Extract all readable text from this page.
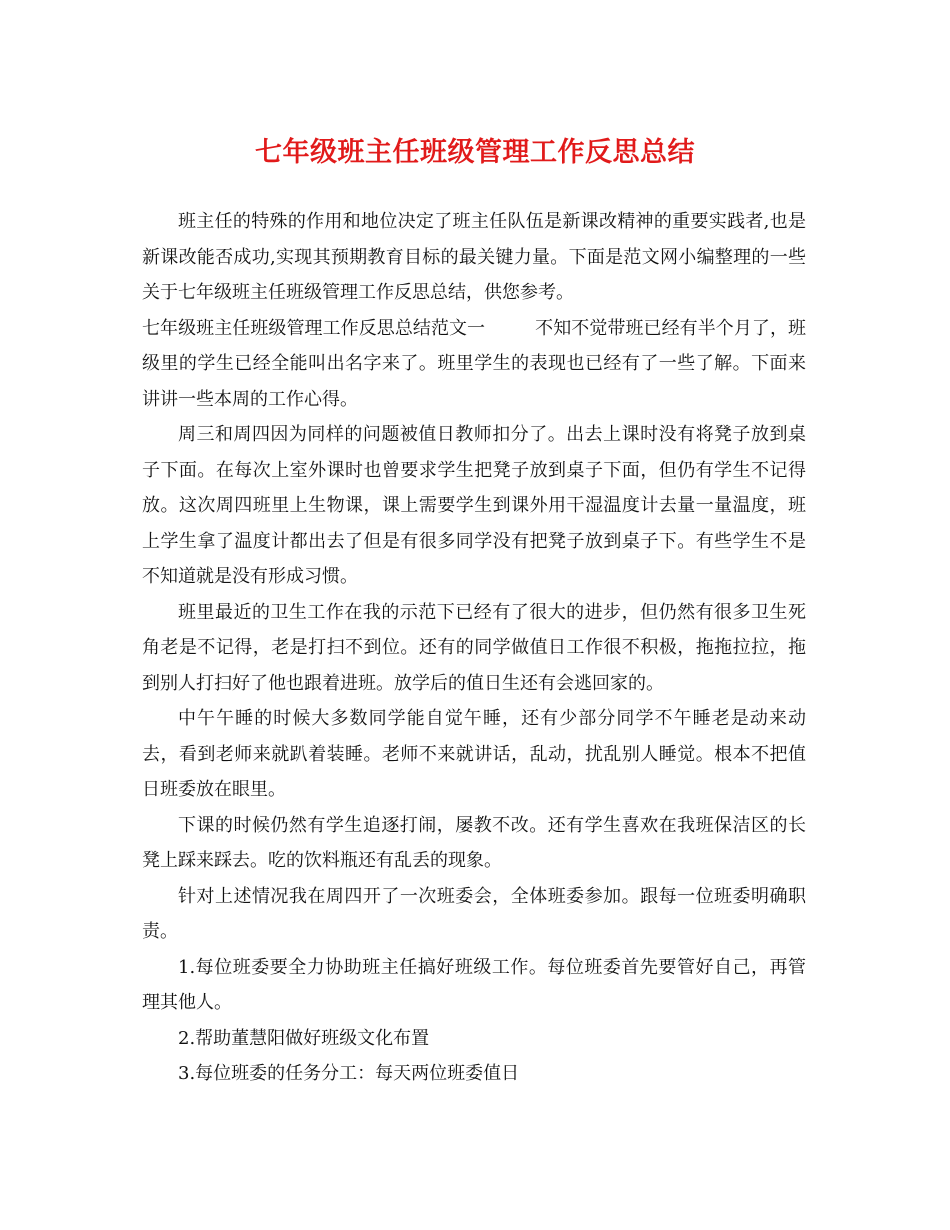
七年级班主任班级管理工作反思总结

班主任的特殊的作用和地位决定了班主任队伍是新课改精神的重要实践者,也是新课改能否成功,实现其预期教育目标的最关键力量。下面是范文网小编整理的一些关于七年级班主任班级管理工作反思总结，供您参考。

七年级班主任班级管理工作反思总结范文一	不知不觉带班已经有半个月了，班级里的学生已经全能叫出名字来了。班里学生的表现也已经有了一些了解。下面来讲讲一些本周的工作心得。

周三和周四因为同样的问题被值日教师扣分了。出去上课时没有将凳子放到桌子下面。在每次上室外课时也曾要求学生把凳子放到桌子下面，但仍有学生不记得放。这次周四班里上生物课，课上需要学生到课外用干湿温度计去量一量温度，班上学生拿了温度计都出去了但是有很多同学没有把凳子放到桌子下。有些学生不是不知道就是没有形成习惯。

班里最近的卫生工作在我的示范下已经有了很大的进步，但仍然有很多卫生死角老是不记得，老是打扫不到位。还有的同学做值日工作很不积极，拖拖拉拉，拖到别人打扫好了他也跟着进班。放学后的值日生还有会逃回家的。

中午午睡的时候大多数同学能自觉午睡，还有少部分同学不午睡老是动来动去，看到老师来就趴着装睡。老师不来就讲话，乱动，扰乱别人睡觉。根本不把值日班委放在眼里。

下课的时候仍然有学生追逐打闹，屡教不改。还有学生喜欢在我班保洁区的长凳上踩来踩去。吃的饮料瓶还有乱丢的现象。

针对上述情况我在周四开了一次班委会，全体班委参加。跟每一位班委明确职责。

1.每位班委要全力协助班主任搞好班级工作。每位班委首先要管好自己，再管理其他人。

2.帮助董慧阳做好班级文化布置

3.每位班委的任务分工：每天两位班委值日
